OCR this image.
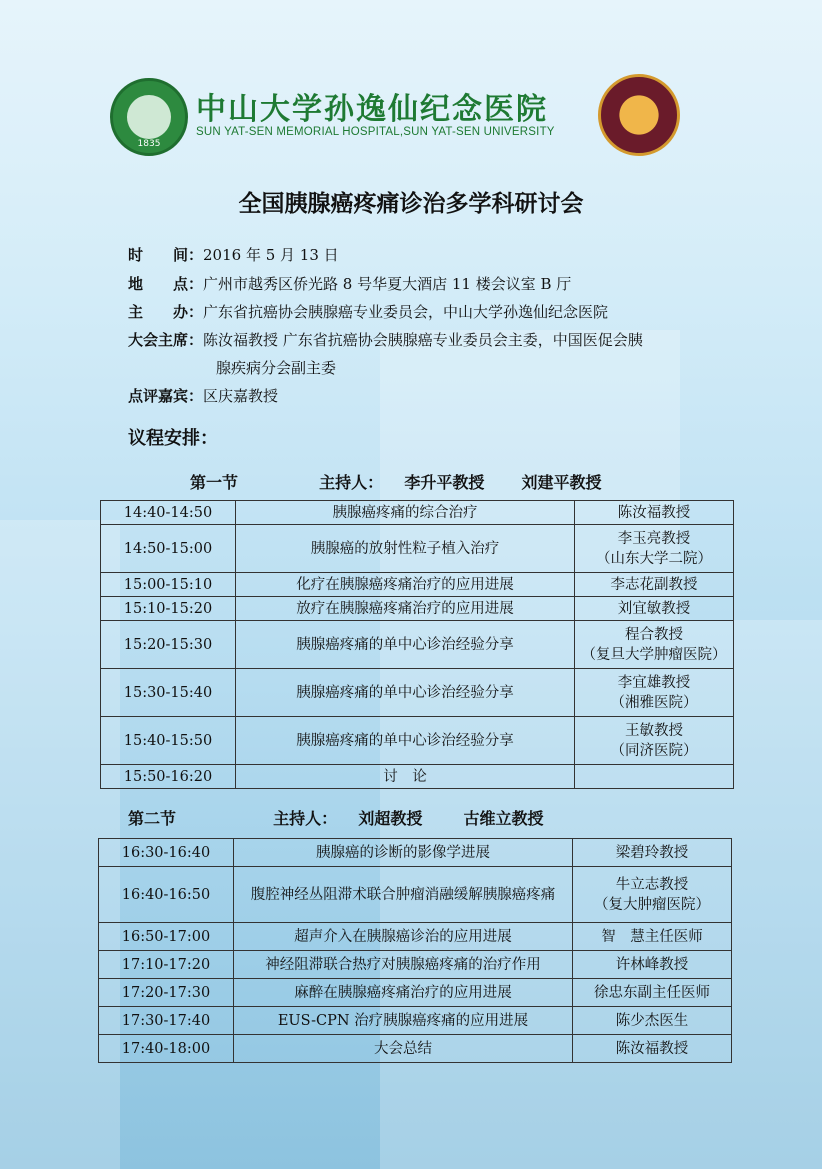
1835
中山大学孙逸仙纪念医院
SUN YAT-SEN MEMORIAL HOSPITAL,SUN YAT-SEN UNIVERSITY
全国胰腺癌疼痛诊治多学科研讨会
时　　间：2016 年 5 月 13 日
地　　点：广州市越秀区侨光路 8 号华夏大酒店 11 楼会议室 B 厅
主　　办：广东省抗癌协会胰腺癌专业委员会，中山大学孙逸仙纪念医院
大会主席：陈汝福教授 广东省抗癌协会胰腺癌专业委员会主委，中国医促会胰
腺疾病分会副主委
点评嘉宾：区庆嘉教授
议程安排：
第一节	主持人： 李升平教授 刘建平教授
14:40-14:50	胰腺癌疼痛的综合治疗	陈汝福教授

14:50-15:00	胰腺癌的放射性粒子植入治疗	李玉亮教授
（山东大学二院）

15:00-15:10	化疗在胰腺癌疼痛治疗的应用进展	李志花副教授

15:10-15:20	放疗在胰腺癌疼痛治疗的应用进展	刘宜敏教授

15:20-15:30	胰腺癌疼痛的单中心诊治经验分享	程合教授
（复旦大学肿瘤医院）

15:30-15:40	胰腺癌疼痛的单中心诊治经验分享	李宜雄教授
（湘雅医院）

15:40-15:50	胰腺癌疼痛的单中心诊治经验分享	王敏教授
（同济医院）

15:50-16:20	讨　论	
第二节	主持人： 刘超教授	古维立教授
16:30-16:40	胰腺癌的诊断的影像学进展	梁碧玲教授

16:40-16:50	腹腔神经丛阻滞术联合肿瘤消融缓解胰腺癌疼痛	牛立志教授
（复大肿瘤医院）

16:50-17:00	超声介入在胰腺癌诊治的应用进展	智　慧主任医师

17:10-17:20	神经阻滞联合热疗对胰腺癌疼痛的治疗作用	许林峰教授

17:20-17:30	麻醉在胰腺癌疼痛治疗的应用进展	徐忠东副主任医师

17:30-17:40	EUS-CPN 治疗胰腺癌疼痛的应用进展	陈少杰医生

17:40-18:00	大会总结	陈汝福教授
